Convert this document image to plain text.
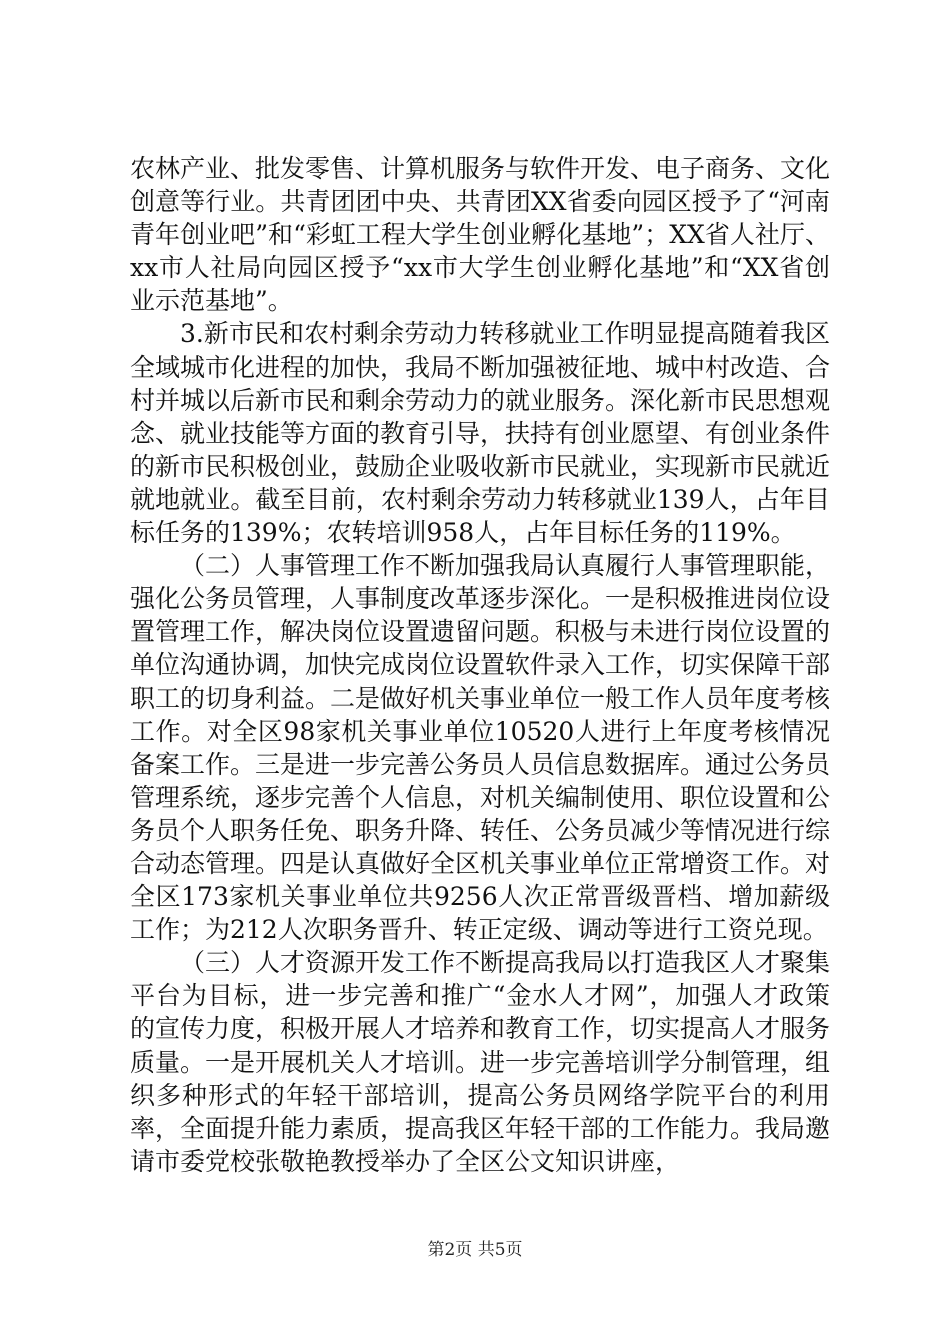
农林产业、批发零售、计算机服务与软件开发、电子商务、文化创意等行业。共青团团中央、共青团XX省委向园区授予了“河南青年创业吧”和“彩虹工程大学生创业孵化基地”；XX省人社厅、xx市人社局向园区授予“xx市大学生创业孵化基地”和“XX省创业示范基地”。

3.新市民和农村剩余劳动力转移就业工作明显提高随着我区全域城市化进程的加快，我局不断加强被征地、城中村改造、合村并城以后新市民和剩余劳动力的就业服务。深化新市民思想观念、就业技能等方面的教育引导，扶持有创业愿望、有创业条件的新市民积极创业，鼓励企业吸收新市民就业，实现新市民就近就地就业。截至目前，农村剩余劳动力转移就业139人，占年目标任务的139%；农转培训958人，占年目标任务的119%。

（二）人事管理工作不断加强我局认真履行人事管理职能，强化公务员管理，人事制度改革逐步深化。一是积极推进岗位设置管理工作，解决岗位设置遗留问题。积极与未进行岗位设置的单位沟通协调，加快完成岗位设置软件录入工作，切实保障干部职工的切身利益。二是做好机关事业单位一般工作人员年度考核工作。对全区98家机关事业单位10520人进行上年度考核情况备案工作。三是进一步完善公务员人员信息数据库。通过公务员管理系统，逐步完善个人信息，对机关编制使用、职位设置和公务员个人职务任免、职务升降、转任、公务员减少等情况进行综合动态管理。四是认真做好全区机关事业单位正常增资工作。对全区173家机关事业单位共9256人次正常晋级晋档、增加薪级工作；为212人次职务晋升、转正定级、调动等进行工资兑现。

（三）人才资源开发工作不断提高我局以打造我区人才聚集平台为目标，进一步完善和推广“金水人才网”，加强人才政策的宣传力度，积极开展人才培养和教育工作，切实提高人才服务质量。一是开展机关人才培训。进一步完善培训学分制管理，组织多种形式的年轻干部培训，提高公务员网络学院平台的利用率，全面提升能力素质，提高我区年轻干部的工作能力。我局邀请市委党校张敬艳教授举办了全区公文知识讲座，

第2页 共5页
